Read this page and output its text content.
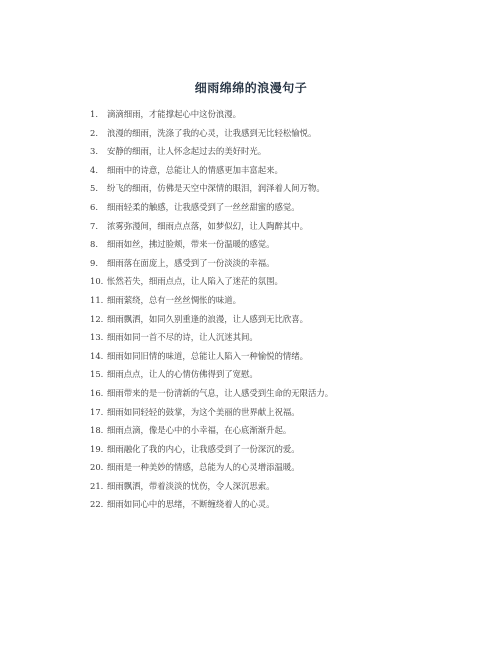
细雨绵绵的浪漫句子
1. 滴滴细雨，才能撑起心中这份浪漫。
2. 浪漫的细雨，洗涤了我的心灵，让我感到无比轻松愉悦。
3. 安静的细雨，让人怀念起过去的美好时光。
4. 细雨中的诗意，总能让人的情感更加丰富起来。
5. 纷飞的细雨，仿佛是天空中深情的眼泪，润泽着人间万物。
6. 细雨轻柔的触感，让我感受到了一丝丝甜蜜的感觉。
7. 浓雾弥漫间，细雨点点落，如梦似幻，让人陶醉其中。
8. 细雨如丝，拂过脸颊，带来一份温暖的感觉。
9. 细雨落在面庞上，感受到了一份淡淡的幸福。
10. 怅然若失，细雨点点，让人陷入了迷茫的氛围。
11. 细雨萦绕，总有一丝丝惆怅的味道。
12. 细雨飘洒，如同久别重逢的浪漫，让人感到无比欣喜。
13. 细雨如同一首不尽的诗，让人沉迷其间。
14. 细雨如同旧情的味道，总能让人陷入一种愉悦的情绪。
15. 细雨点点，让人的心情仿佛得到了宽慰。
16. 细雨带来的是一份清新的气息，让人感受到生命的无限活力。
17. 细雨如同轻轻的鼓掌，为这个美丽的世界献上祝福。
18. 细雨点滴，像是心中的小幸福，在心底渐渐升起。
19. 细雨融化了我的内心，让我感受到了一份深沉的爱。
20. 细雨是一种美妙的情感，总能为人的心灵增添温暖。
21. 细雨飘洒，带着淡淡的忧伤，令人深沉思索。
22. 细雨如同心中的思绪，不断缠绕着人的心灵。
